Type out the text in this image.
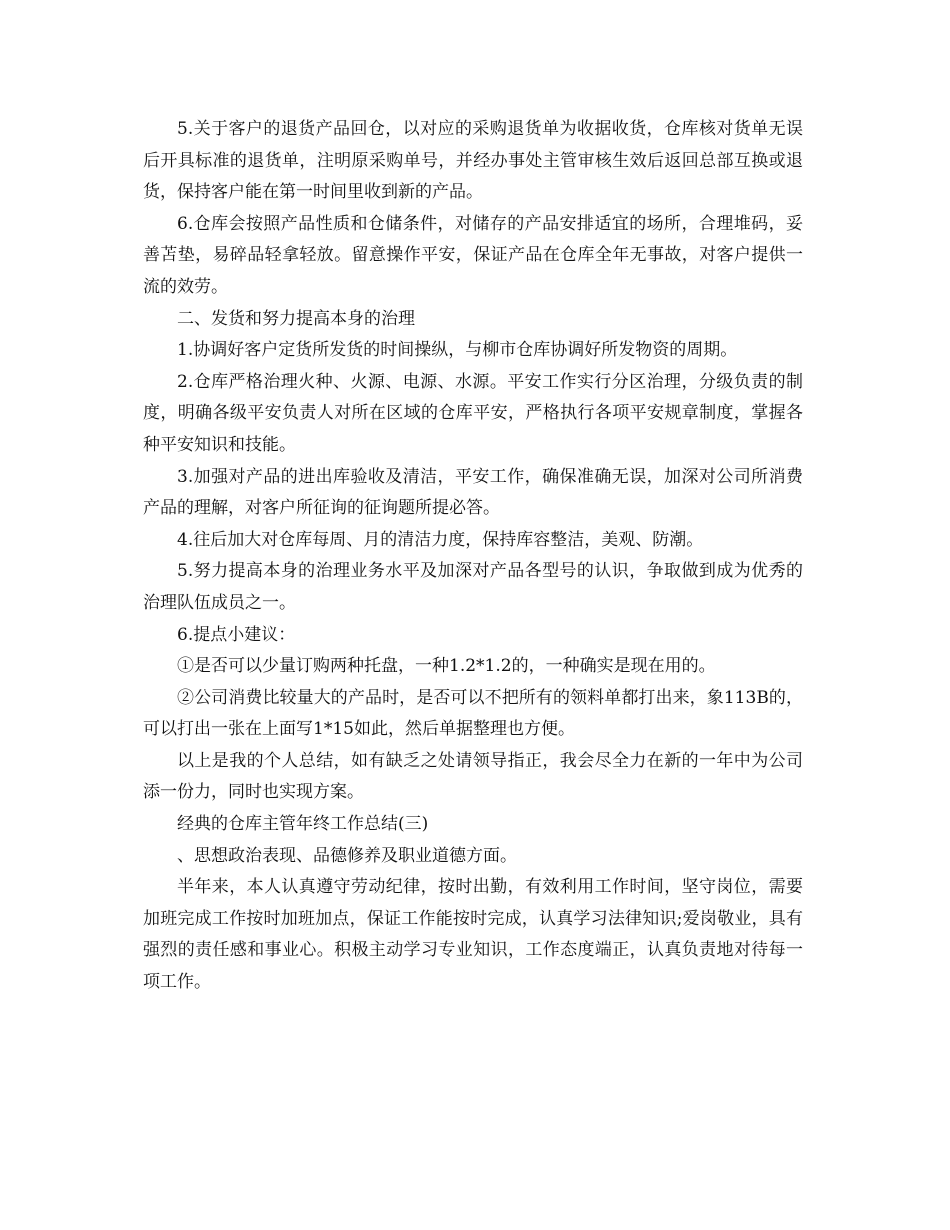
5.关于客户的退货产品回仓，以对应的采购退货单为收据收货，仓库核对货单无误后开具标准的退货单，注明原采购单号，并经办事处主管审核生效后返回总部互换或退货，保持客户能在第一时间里收到新的产品。

6.仓库会按照产品性质和仓储条件，对储存的产品安排适宜的场所，合理堆码，妥善苫垫，易碎品轻拿轻放。留意操作平安，保证产品在仓库全年无事故，对客户提供一流的效劳。

二、发货和努力提高本身的治理

1.协调好客户定货所发货的时间操纵，与柳市仓库协调好所发物资的周期。

2.仓库严格治理火种、火源、电源、水源。平安工作实行分区治理，分级负责的制度，明确各级平安负责人对所在区域的仓库平安，严格执行各项平安规章制度，掌握各种平安知识和技能。

3.加强对产品的进出库验收及清洁，平安工作，确保准确无误，加深对公司所消费产品的理解，对客户所征询的征询题所提必答。

4.往后加大对仓库每周、月的清洁力度，保持库容整洁，美观、防潮。

5.努力提高本身的治理业务水平及加深对产品各型号的认识，争取做到成为优秀的治理队伍成员之一。

6.提点小建议：

①是否可以少量订购两种托盘，一种1.2*1.2的，一种确实是现在用的。

②公司消费比较量大的产品时，是否可以不把所有的领料单都打出来，象113B的，可以打出一张在上面写1*15如此，然后单据整理也方便。

以上是我的个人总结，如有缺乏之处请领导指正，我会尽全力在新的一年中为公司添一份力，同时也实现方案。

经典的仓库主管年终工作总结(三)

、思想政治表现、品德修养及职业道德方面。

半年来，本人认真遵守劳动纪律，按时出勤，有效利用工作时间，坚守岗位，需要加班完成工作按时加班加点，保证工作能按时完成，认真学习法律知识;爱岗敬业，具有强烈的责任感和事业心。积极主动学习专业知识，工作态度端正，认真负责地对待每一项工作。
